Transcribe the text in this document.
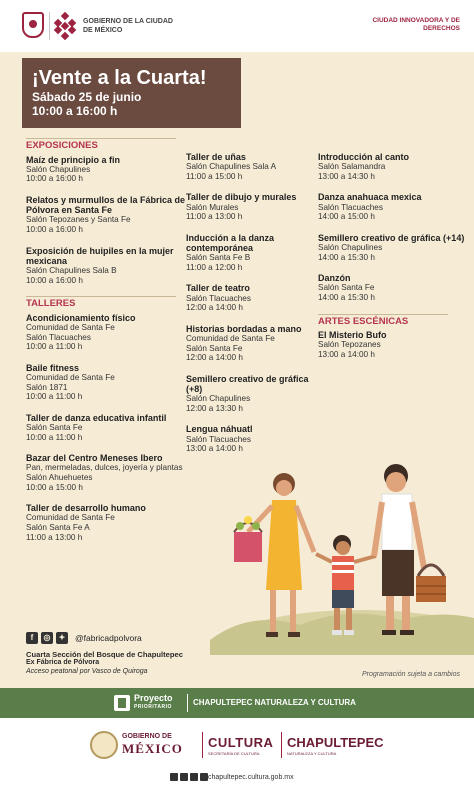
GOBIERNO DE LA CIUDAD DE MÉXICO
CIUDAD INNOVADORA Y DE DERECHOS
¡Vente a la Cuarta!
Sábado 25 de junio
10:00 a 16:00 h
EXPOSICIONES
Maíz de principio a fin
Salón Chapulines
10:00 a 16:00 h
Relatos y murmullos de la Fábrica de Pólvora en Santa Fe
Salón Tepozanes y Santa Fe
10:00 a 16:00 h
Exposición de huipiles en la mujer mexicana
Salón Chapulines Sala B
10:00 a 16:00 h
TALLERES
Acondicionamiento físico
Comunidad de Santa Fe
Salón Tlacuaches
10:00 a 11:00 h
Baile fitness
Comunidad de Santa Fe
Salón 1871
10:00 a 11:00 h
Taller de danza educativa infantil
Salón Santa Fe
10:00 a 11:00 h
Bazar del Centro Meneses Ibero
Pan, mermeladas, dulces, joyería y plantas
Salón Ahuehuetes
10:00 a 15:00 h
Taller de desarrollo humano
Comunidad de Santa Fe
Salón Santa Fe A
11:00 a 13:00 h
Taller de uñas
Salón Chapulines Sala A
11:00 a 15:00 h
Taller de dibujo y murales
Salón Murales
11:00 a 13:00 h
Inducción a la danza contemporánea
Salón Santa Fe B
11:00 a 12:00 h
Taller de teatro
Salón Tlacuaches
12:00 a 14:00 h
Historias bordadas a mano
Comunidad de Santa Fe
Salón Santa Fe
12:00 a 14:00 h
Semillero creativo de gráfica (+8)
Salón Chapulines
12:00 a 13:30 h
Lengua náhuatl
Salón Tlacuaches
13:00 a 14:00 h
Introducción al canto
Salón Salamandra
13:00 a 14:30 h
Danza anahuaca mexica
Salón Tlacuaches
14:00 a 15:00 h
Semillero creativo de gráfica (+14)
Salón Chapulines
14:00 a 15:30 h
Danzón
Salón Santa Fe
14:00 a 15:30 h
ARTES ESCÉNICAS
El Misterio Bufo
Salón Tepozanes
13:00 a 14:00 h
f	◎	✦	@fabricadpolvora
Cuarta Sección del Bosque de Chapultepec
Ex Fábrica de Pólvora
Acceso peatonal por Vasco de Quiroga	Programación sujeta a cambios
Proyecto
PRIORITARIO	CHAPULTEPEC NATURALEZA Y CULTURA
GOBIERNO DE
MÉXICO CULTURA
SECRETARÍA DE CULTURA
CHAPULTEPEC
NATURALEZA Y CULTURA
chapultepec.cultura.gob.mx
